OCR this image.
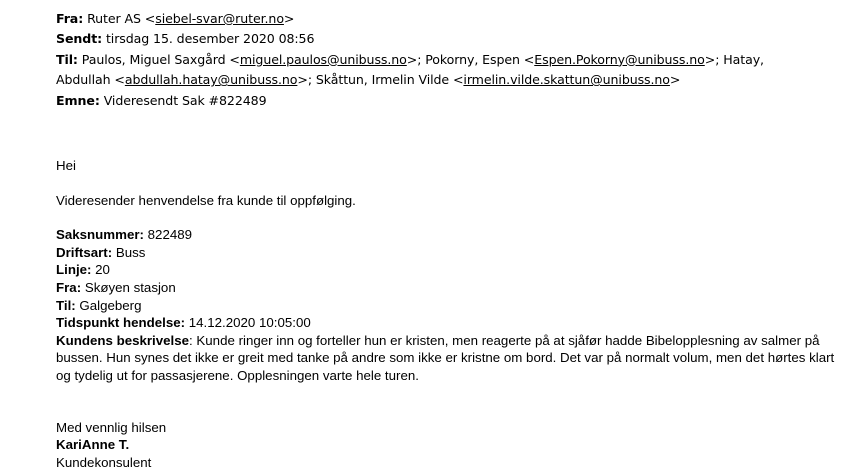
Fra: Ruter AS <siebel-svar@ruter.no>
Sendt: tirsdag 15. desember 2020 08:56
Til: Paulos, Miguel Saxgård <miguel.paulos@unibuss.no>; Pokorny, Espen <Espen.Pokorny@unibuss.no>; Hatay,
Abdullah <abdullah.hatay@unibuss.no>; Skåttun, Irmelin Vilde <irmelin.vilde.skattun@unibuss.no>
Emne: Videresendt Sak #822489

Hei

Videresender henvendelse fra kunde til oppfølging.

Saksnummer: 822489

Driftsart: Buss

Linje: 20

Fra: Skøyen stasjon

Til: Galgeberg

Tidspunkt hendelse: 14.12.2020 10:05:00

Kundens beskrivelse: Kunde ringer inn og forteller hun er kristen, men reagerte på at sjåfør hadde Bibelopplesning av salmer på bussen. Hun synes det ikke er greit med tanke på andre som ikke er kristne om bord. Det var på normalt volum, men det hørtes klart og tydelig ut for passasjerene. Opplesningen varte hele turen.

Med vennlig hilsen
KariAnne T.
Kundekonsulent
